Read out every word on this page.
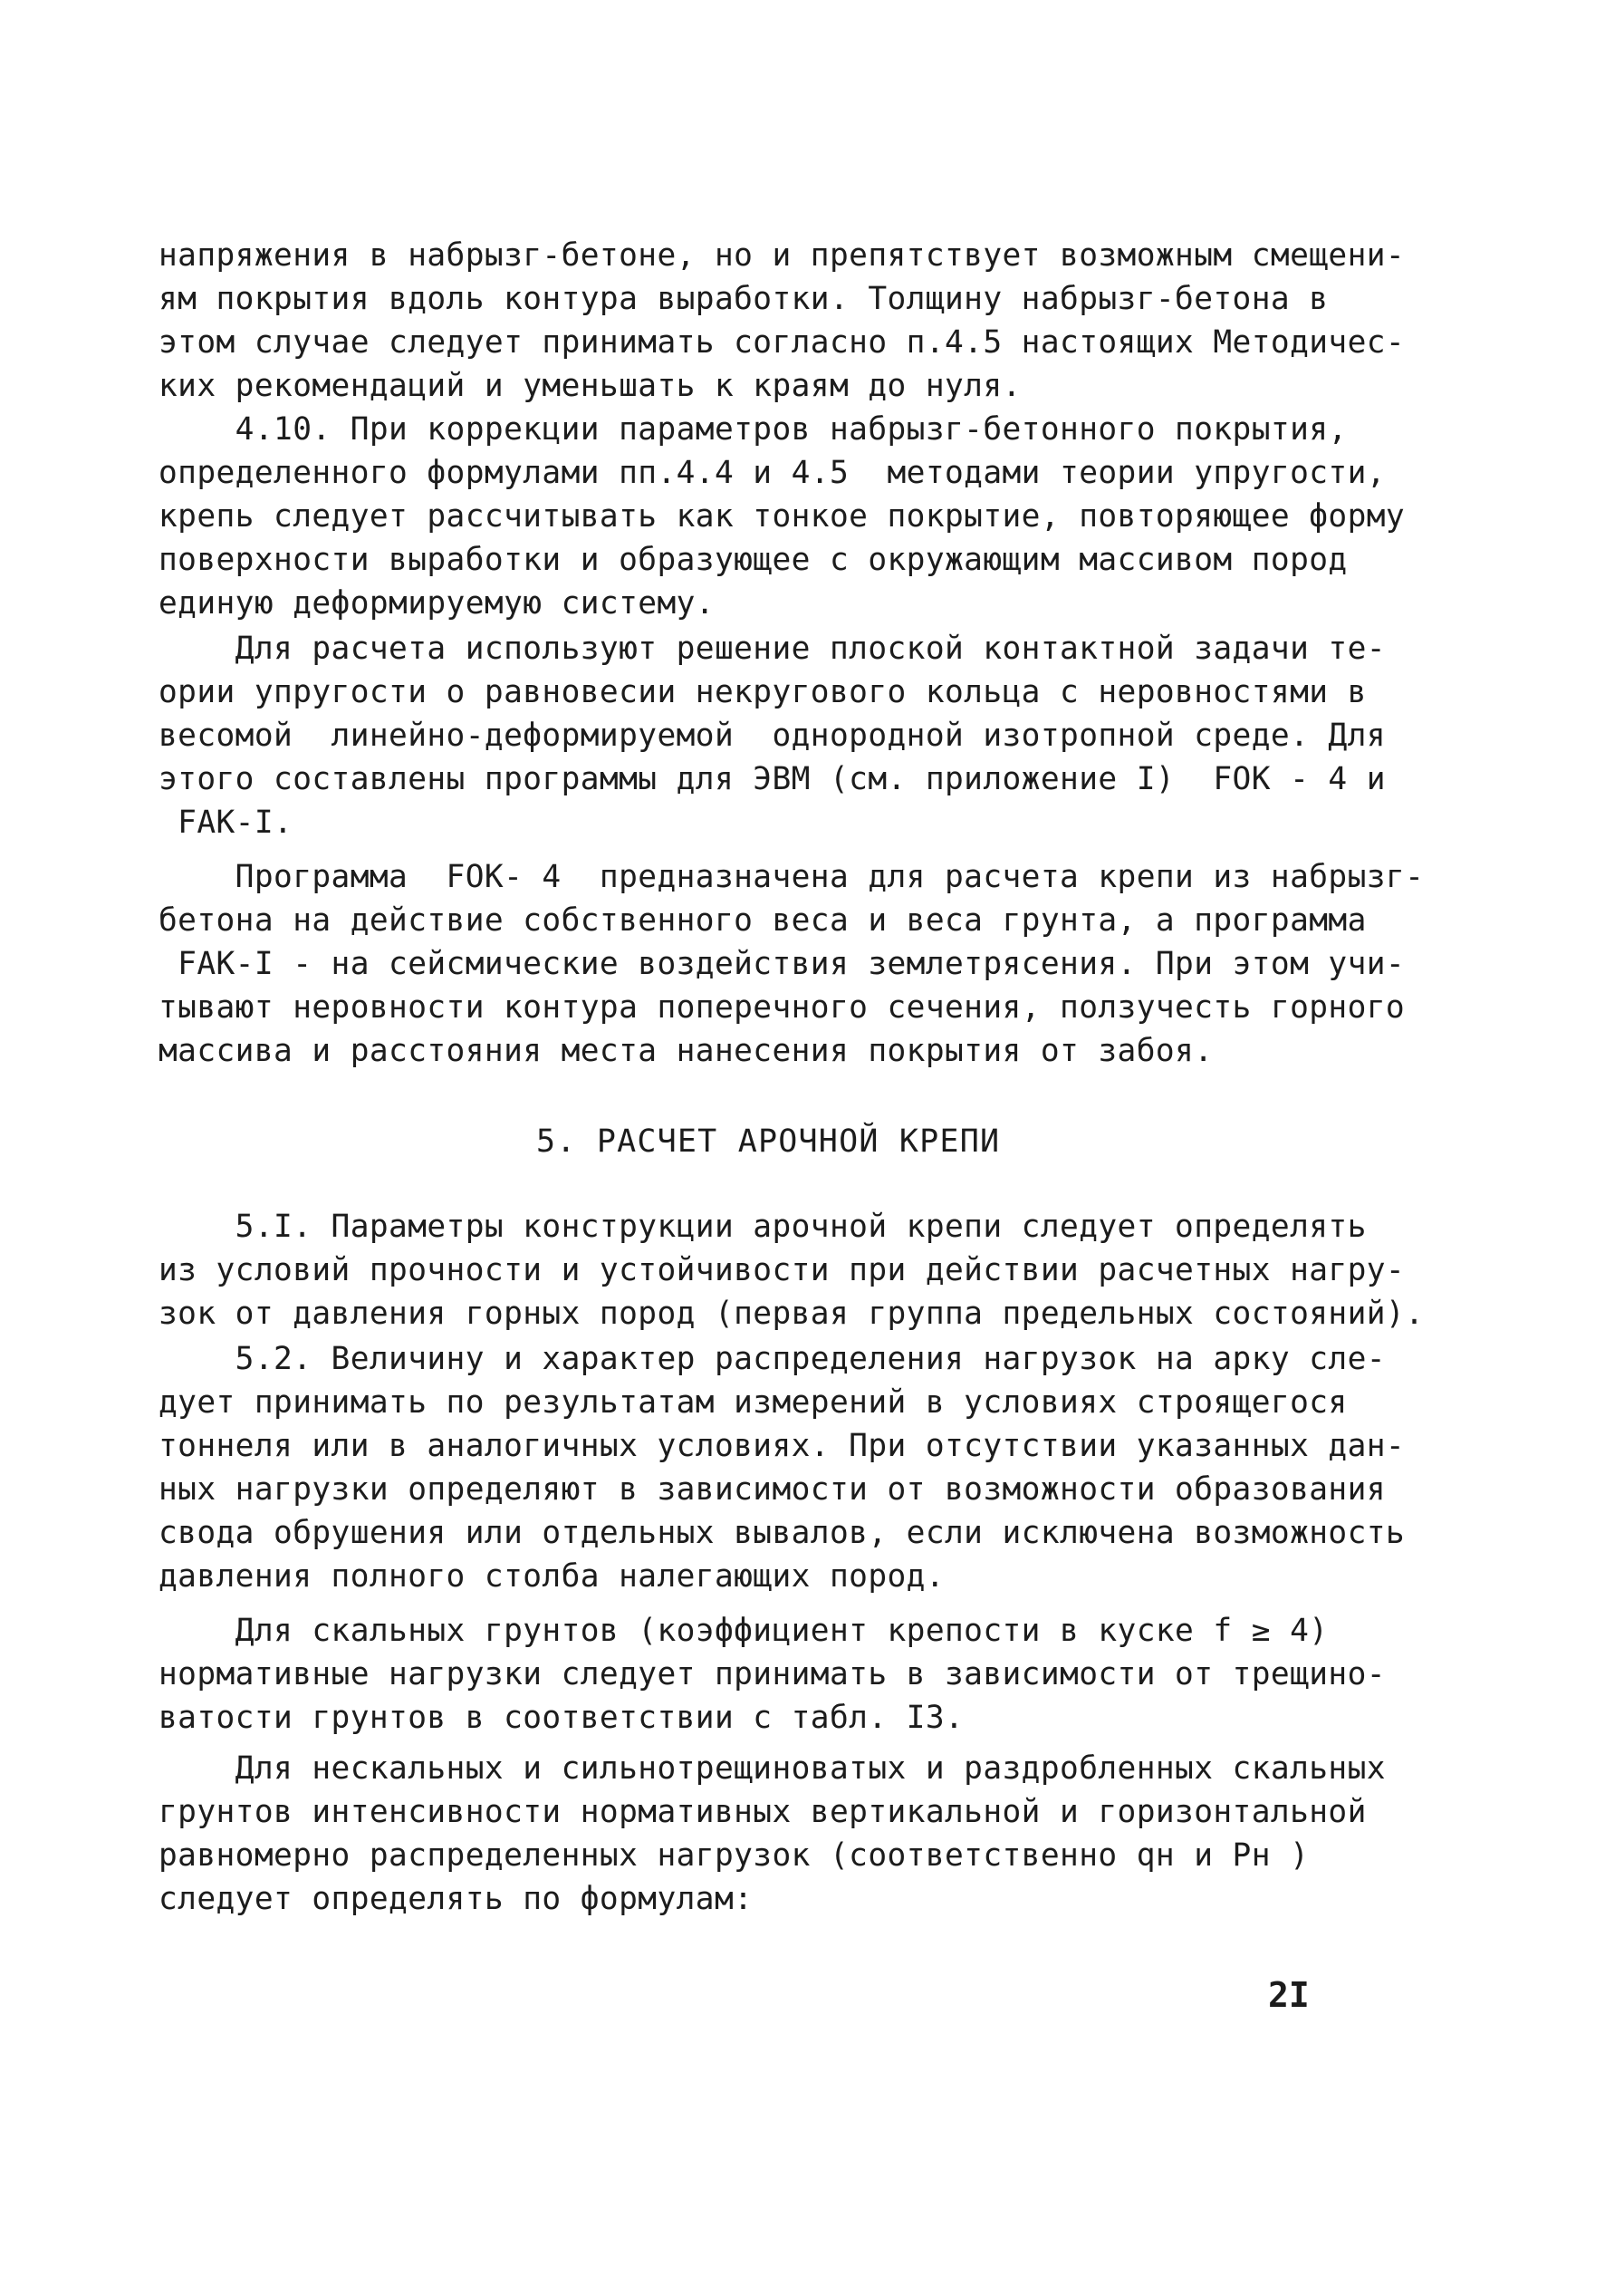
напряжения в набрызг-бетоне, но и препятствует возможным смещени-
ям покрытия вдоль контура выработки. Толщину набрызг-бетона в
этом случае следует принимать согласно п.4.5 настоящих Методичес-
ких рекомендаций и уменьшать к краям до нуля.
4.10. При коррекции параметров набрызг-бетонного покрытия,
определенного формулами пп.4.4 и 4.5  методами теории упругости,
крепь следует рассчитывать как тонкое покрытие, повторяющее форму
поверхности выработки и образующее с окружающим массивом пород
единую деформируемую систему.
Для расчета используют решение плоской контактной задачи те-
ории упругости о равновесии некругового кольца с неровностями в
весомой  линейно-деформируемой  однородной изотропной среде. Для
этого составлены программы для ЭВМ (см. приложение I)  FОК - 4 и
FАК-I.
Программа  FОК- 4  предназначена для расчета крепи из набрызг-
бетона на действие собственного веса и веса грунта, а программа
FАК-I - на сейсмические воздействия землетрясения. При этом учи-
тывают неровности контура поперечного сечения, ползучесть горного
массива и расстояния места нанесения покрытия от забоя.
5. РАСЧЕТ АРОЧНОЙ КРЕПИ
5.I. Параметры конструкции арочной крепи следует определять
из условий прочности и устойчивости при действии расчетных нагру-
зок от давления горных пород (первая группа предельных состояний).
5.2. Величину и характер распределения нагрузок на арку сле-
дует принимать по результатам измерений в условиях строящегося
тоннеля или в аналогичных условиях. При отсутствии указанных дан-
ных нагрузки определяют в зависимости от возможности образования
свода обрушения или отдельных вывалов, если исключена возможность
давления полного столба налегающих пород.
Для скальных грунтов (коэффициент крепости в куске f ≥ 4)
нормативные нагрузки следует принимать в зависимости от трещино-
ватости грунтов в соответствии с табл. I3.
Для нескальных и сильнотрещиноватых и раздробленных скальных
грунтов интенсивности нормативных вертикальной и горизонтальной
равномерно распределенных нагрузок (соответственно qн и Pн )
следует определять по формулам:
2I
